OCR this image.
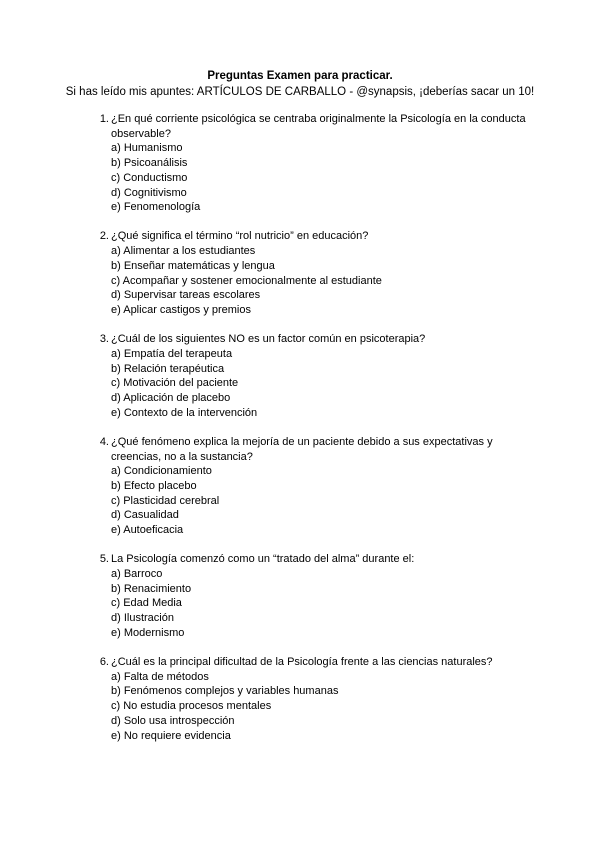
Preguntas Examen para practicar.
Si has leído mis apuntes: ARTÍCULOS DE CARBALLO - @synapsis, ¡deberías sacar un 10!
1. ¿En qué corriente psicológica se centraba originalmente la Psicología en la conducta observable?
a) Humanismo
b) Psicoanálisis
c) Conductismo
d) Cognitivismo
e) Fenomenología
2. ¿Qué significa el término “rol nutricio” en educación?
a) Alimentar a los estudiantes
b) Enseñar matemáticas y lengua
c) Acompañar y sostener emocionalmente al estudiante
d) Supervisar tareas escolares
e) Aplicar castigos y premios
3. ¿Cuál de los siguientes NO es un factor común en psicoterapia?
a) Empatía del terapeuta
b) Relación terapéutica
c) Motivación del paciente
d) Aplicación de placebo
e) Contexto de la intervención
4. ¿Qué fenómeno explica la mejoría de un paciente debido a sus expectativas y creencias, no a la sustancia?
a) Condicionamiento
b) Efecto placebo
c) Plasticidad cerebral
d) Casualidad
e) Autoeficacia
5. La Psicología comenzó como un “tratado del alma” durante el:
a) Barroco
b) Renacimiento
c) Edad Media
d) Ilustración
e) Modernismo
6. ¿Cuál es la principal dificultad de la Psicología frente a las ciencias naturales?
a) Falta de métodos
b) Fenómenos complejos y variables humanas
c) No estudia procesos mentales
d) Solo usa introspección
e) No requiere evidencia
